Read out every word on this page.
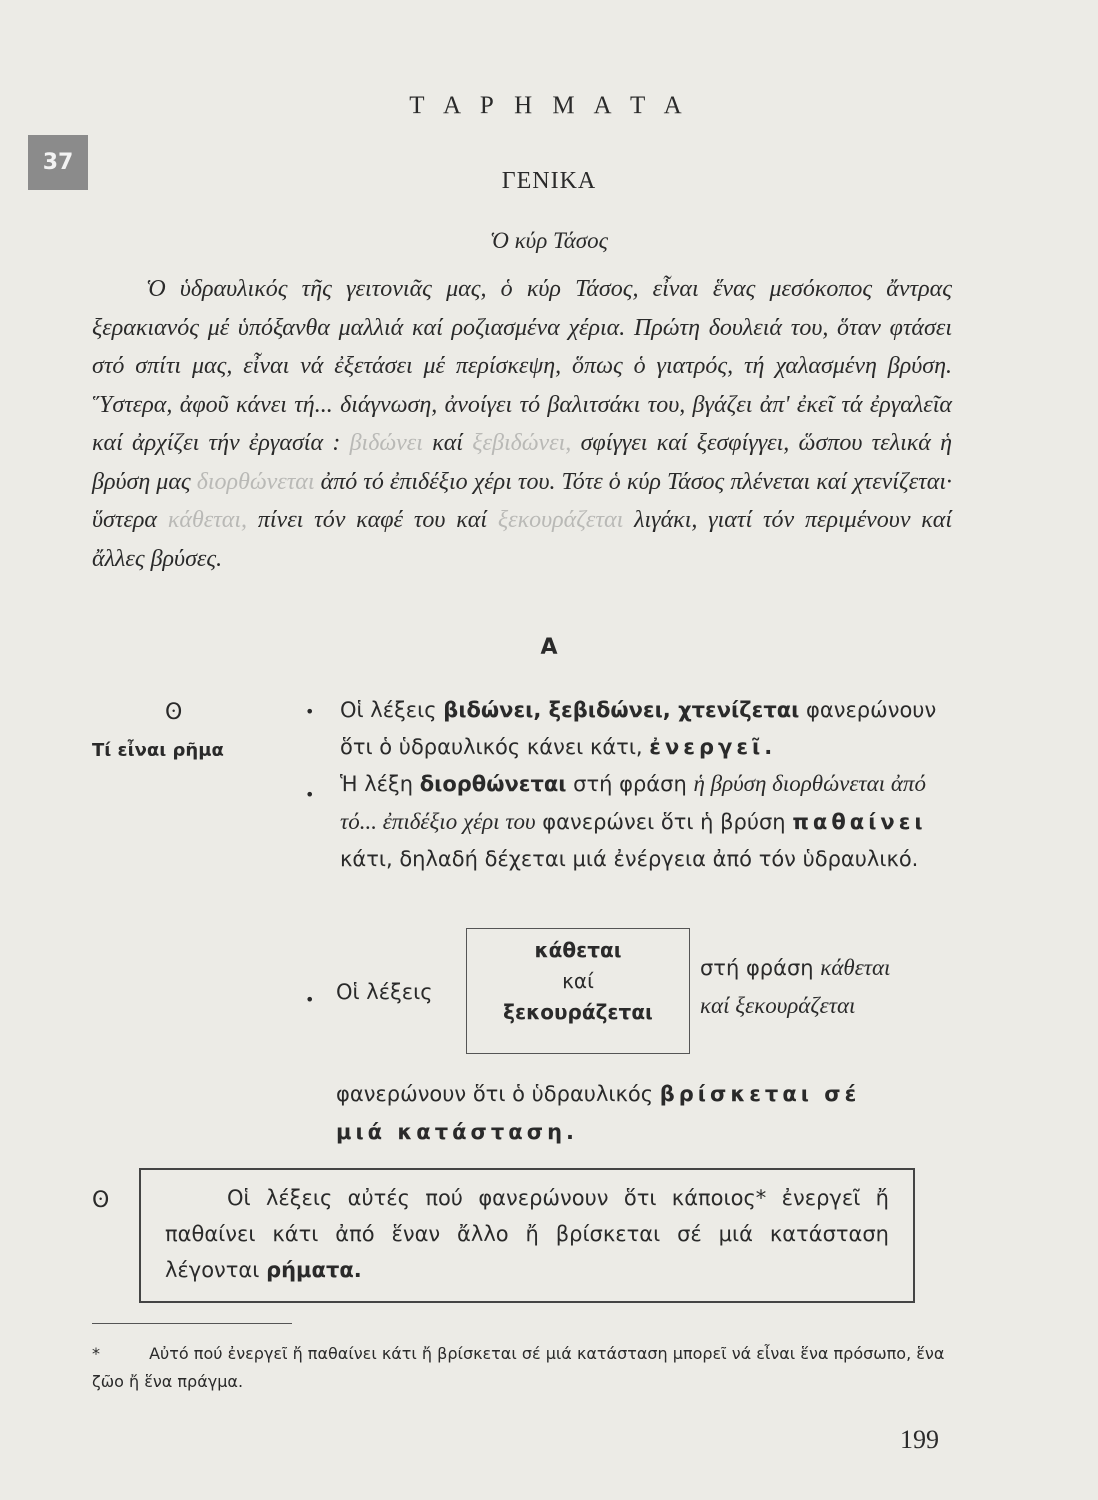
37
Τ Α Ρ Η Μ Α Τ Α
ΓΕΝΙΚΑ
Ὁ κύρ Τάσος
Ὁ ὑδραυλικός τῆς γειτονιᾶς μας, ὁ κύρ Τάσος, εἶναι ἕνας μεσόκοπος ἄντρας ξερακιανός μέ ὑπόξανθα μαλλιά καί ροζιασμένα χέρια. Πρώτη δουλειά του, ὅταν φτάσει στό σπίτι μας, εἶναι νά ἐξετάσει μέ περίσκεψη, ὅπως ὁ γιατρός, τή χαλασμένη βρύση. Ὕστερα, ἀφοῦ κάνει τή... διάγνωση, ἀνοίγει τό βαλιτσάκι του, βγάζει ἀπ' ἐκεῖ τά ἐργαλεῖα καί ἀρχίζει τήν ἐργασία : βιδώνει καί ξεβιδώνει, σφίγγει καί ξεσφίγγει, ὥσπου τελικά ἡ βρύση μας διορθώνεται ἀπό τό ἐπιδέξιο χέρι του. Τότε ὁ κύρ Τάσος πλένεται καί χτενίζεται· ὕστερα κάθεται, πίνει τόν καφέ του καί ξεκουράζεται λιγάκι, γιατί τόν περιμένουν καί ἄλλες βρύσες.
Α
ʘ
Τί εἶναι ρῆμα
• Οἱ λέξεις βιδώνει, ξεβιδώνει, χτενίζεται φανερώνουν ὅτι ὁ ὑδραυλικός κάνει κάτι, ἐνεργεῖ.
• Ἡ λέξη διορθώνεται στή φράση ἡ βρύση διορθώνεται ἀπό τό... ἐπιδέξιο χέρι του φανερώνει ὅτι ἡ βρύση παθαίνει κάτι, δηλαδή δέχεται μιά ἐνέργεια ἀπό τόν ὑδραυλικό.
• Οἱ λέξεις
κάθεται
καί
ξεκουράζεται
στή φράση κάθεται
καί ξεκουράζεται
φανερώνουν ὅτι ὁ ὑδραυλικός βρίσκεται σέ
μιά κατάσταση.
ʘ	Οἱ λέξεις αὐτές πού φανερώνουν ὅτι κάποιος* ἐνεργεῖ ἤ παθαίνει κάτι ἀπό ἕναν ἄλλο ἤ βρίσκεται σέ μιά κατάσταση λέγονται ρήματα.
*	Αὐτό πού ἐνεργεῖ ἤ παθαίνει κάτι ἤ βρίσκεται σέ μιά κατάσταση μπορεῖ νά εἶναι ἕνα πρόσωπο, ἕνα ζῶο ἤ ἕνα πράγμα.
199
